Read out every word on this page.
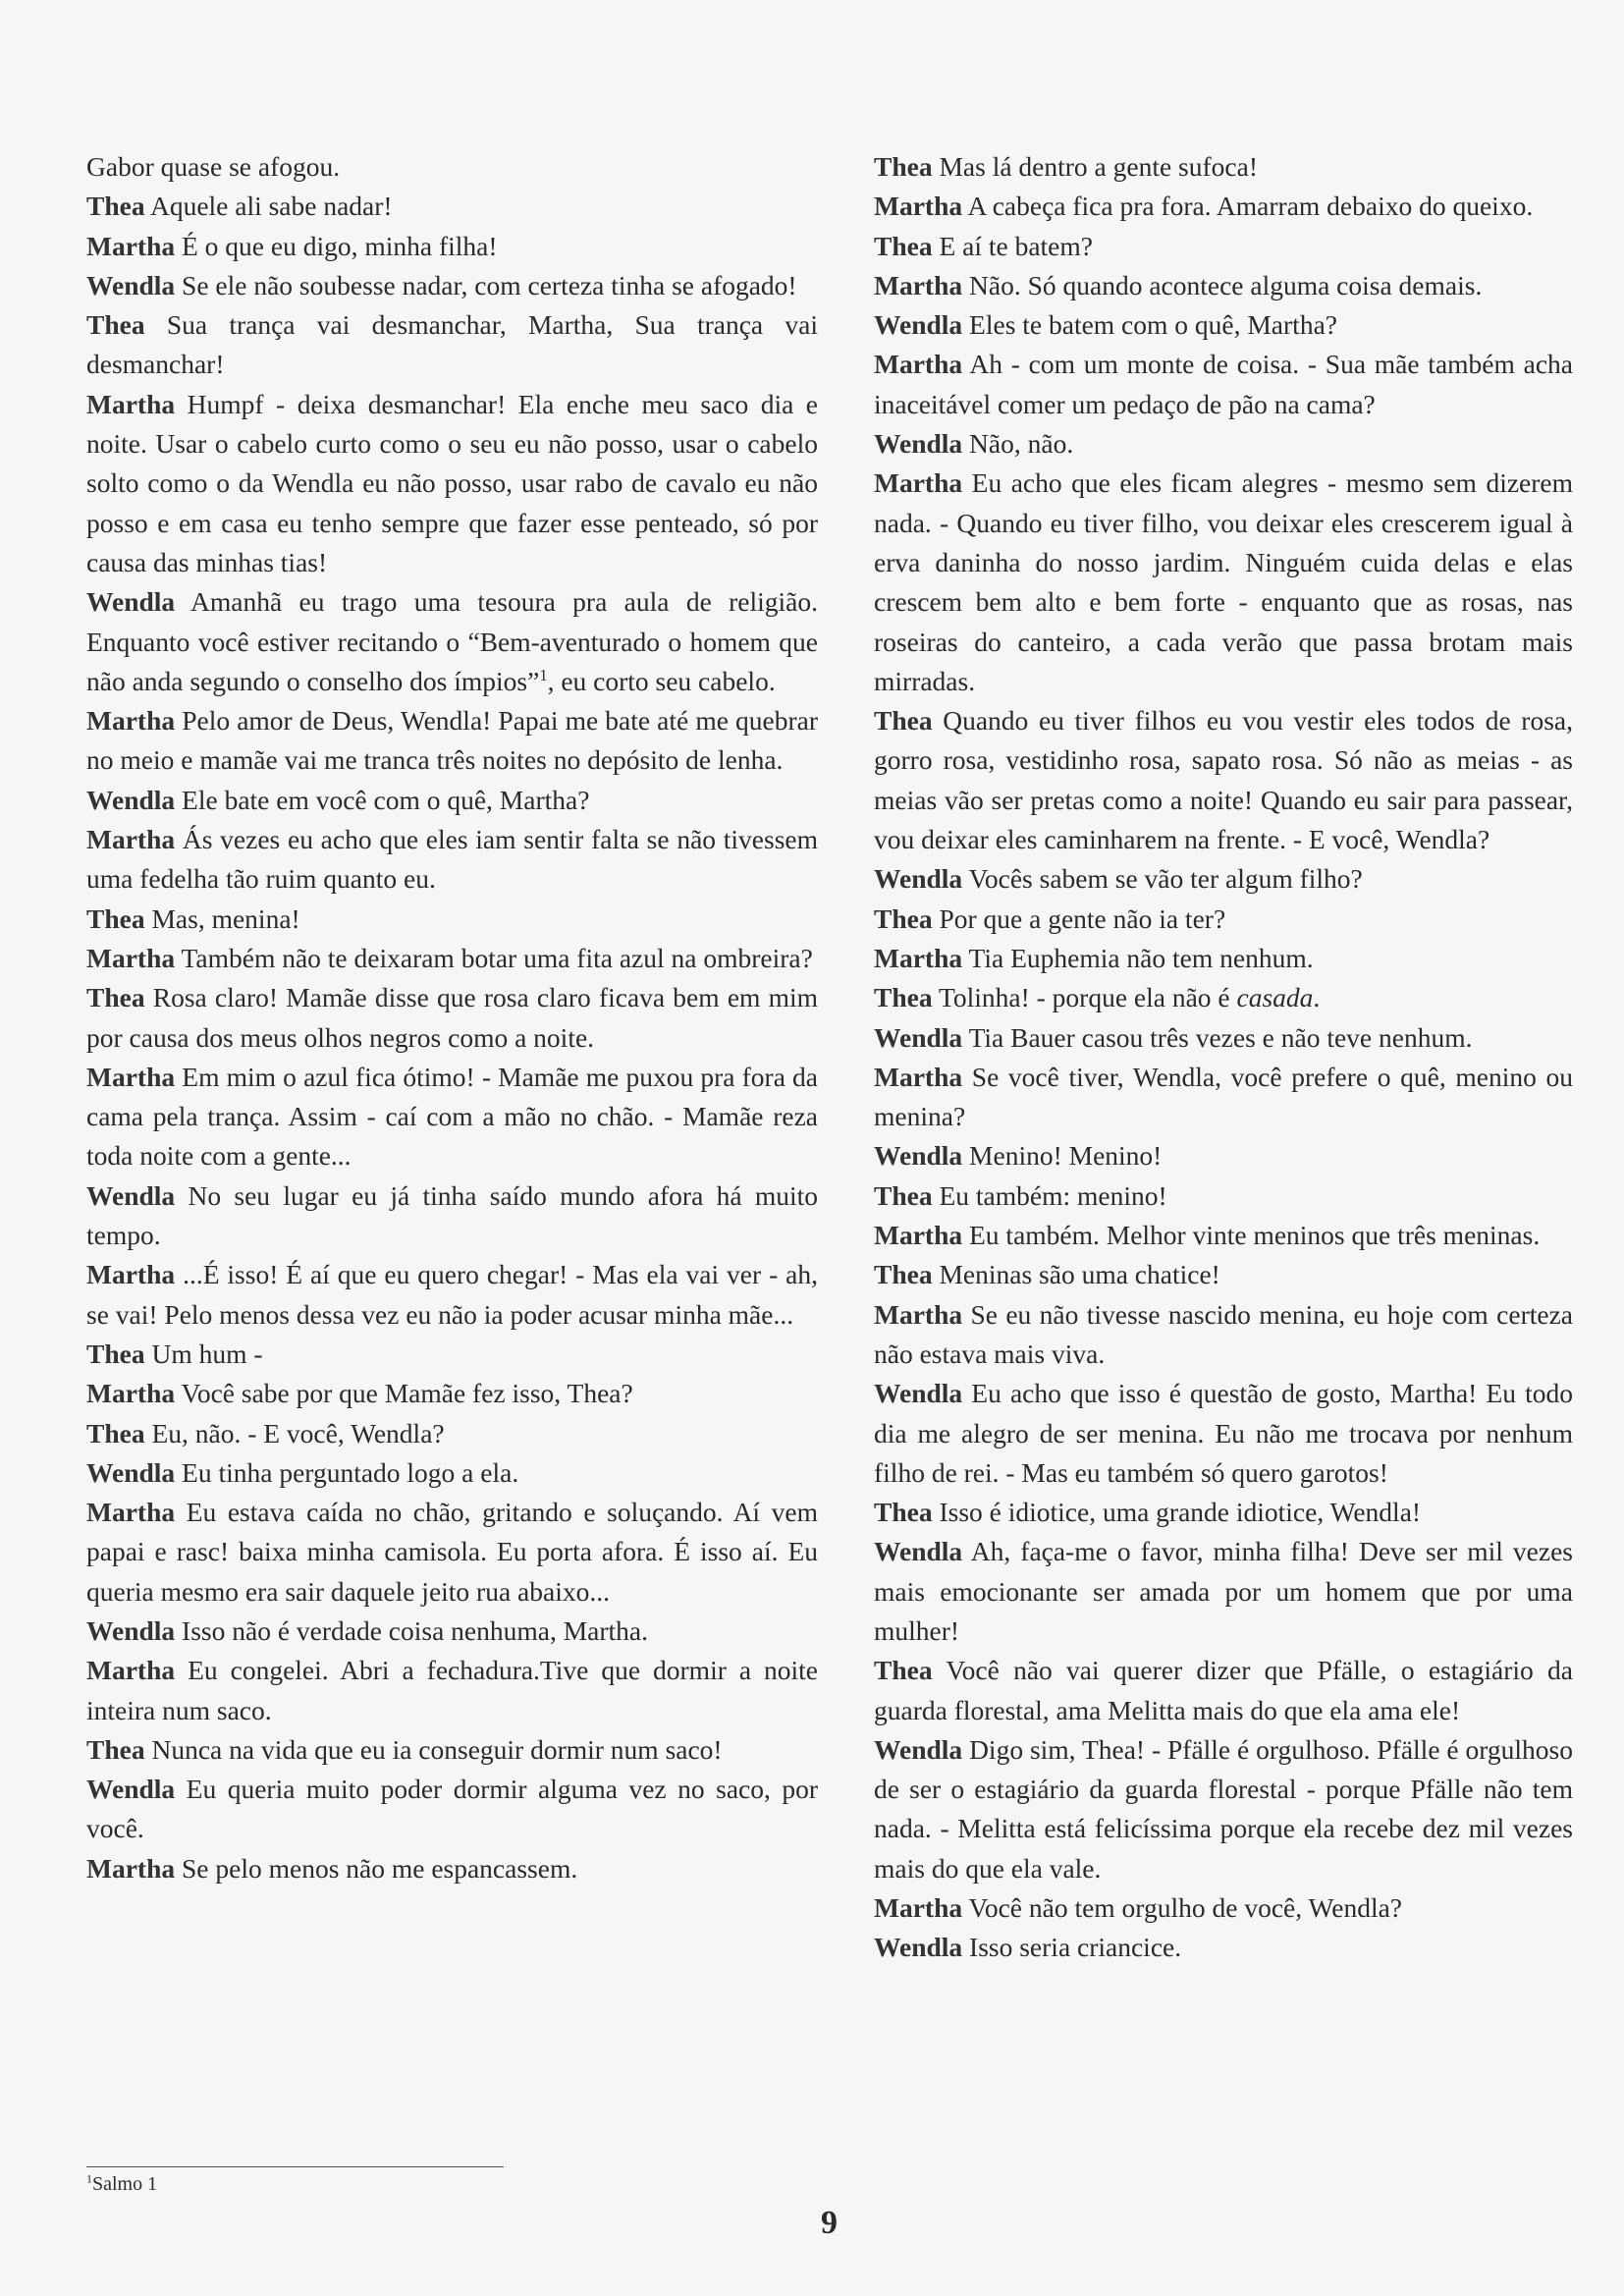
Gabor quase se afogou.

Thea Aquele ali sabe nadar!

Martha É o que eu digo, minha filha!

Wendla Se ele não soubesse nadar, com certeza tinha se afogado!

Thea Sua trança vai desmanchar, Martha, Sua trança vai desmanchar!

Martha Humpf - deixa desmanchar! Ela enche meu saco dia e noite. Usar o cabelo curto como o seu eu não posso, usar o cabelo solto como o da Wendla eu não posso, usar rabo de cavalo eu não posso e em casa eu tenho sempre que fazer esse penteado, só por causa das minhas tias!

Wendla Amanhã eu trago uma tesoura pra aula de religião. Enquanto você estiver recitando o “Bem-aventurado o homem que não anda segundo o conselho dos ímpios”$^1$, eu corto seu cabelo.

Martha Pelo amor de Deus, Wendla! Papai me bate até me quebrar no meio e mamãe vai me tranca três noites no depósito de lenha.

Wendla Ele bate em você com o quê, Martha?

Martha Ás vezes eu acho que eles iam sentir falta se não tivessem uma fedelha tão ruim quanto eu.

Thea Mas, menina!

Martha Também não te deixaram botar uma fita azul na ombreira?

Thea Rosa claro! Mamãe disse que rosa claro ficava bem em mim por causa dos meus olhos negros como a noite.

Martha Em mim o azul fica ótimo! - Mamãe me puxou pra fora da cama pela trança. Assim - caí com a mão no chão. - Mamãe reza toda noite com a gente...

Wendla No seu lugar eu já tinha saído mundo afora há muito tempo.

Martha ...É isso! É aí que eu quero chegar! - Mas ela vai ver - ah, se vai! Pelo menos dessa vez eu não ia poder acusar minha mãe...

Thea Um hum -

Martha Você sabe por que Mamãe fez isso, Thea?

Thea Eu, não. - E você, Wendla?

Wendla Eu tinha perguntado logo a ela.

Martha Eu estava caída no chão, gritando e soluçando. Aí vem papai e rasc! baixa minha camisola. Eu porta afora. É isso aí. Eu queria mesmo era sair daquele jeito rua abaixo...

Wendla Isso não é verdade coisa nenhuma, Martha.

Martha Eu congelei. Abri a fechadura.Tive que dormir a noite inteira num saco.

Thea Nunca na vida que eu ia conseguir dormir num saco!

Wendla Eu queria muito poder dormir alguma vez no saco, por você.

Martha Se pelo menos não me espancassem.

Thea Mas lá dentro a gente sufoca!

Martha A cabeça fica pra fora. Amarram debaixo do queixo.

Thea E aí te batem?

Martha Não. Só quando acontece alguma coisa demais.

Wendla Eles te batem com o quê, Martha?

Martha Ah - com um monte de coisa. - Sua mãe também acha inaceitável comer um pedaço de pão na cama?

Wendla Não, não.

Martha Eu acho que eles ficam alegres - mesmo sem dizerem nada. - Quando eu tiver filho, vou deixar eles crescerem igual à erva daninha do nosso jardim. Ninguém cuida delas e elas crescem bem alto e bem forte - enquanto que as rosas, nas roseiras do canteiro, a cada verão que passa brotam mais mirradas.

Thea Quando eu tiver filhos eu vou vestir eles todos de rosa, gorro rosa, vestidinho rosa, sapato rosa. Só não as meias - as meias vão ser pretas como a noite! Quando eu sair para passear, vou deixar eles caminharem na frente. - E você, Wendla?

Wendla Vocês sabem se vão ter algum filho?

Thea Por que a gente não ia ter?

Martha Tia Euphemia não tem nenhum.

Thea Tolinha! - porque ela não é casada.

Wendla Tia Bauer casou três vezes e não teve nenhum.

Martha Se você tiver, Wendla, você prefere o quê, menino ou menina?

Wendla Menino! Menino!

Thea Eu também: menino!

Martha Eu também. Melhor vinte meninos que três meninas.

Thea Meninas são uma chatice!

Martha Se eu não tivesse nascido menina, eu hoje com certeza não estava mais viva.

Wendla Eu acho que isso é questão de gosto, Martha! Eu todo dia me alegro de ser menina. Eu não me trocava por nenhum filho de rei. - Mas eu também só quero garotos!

Thea Isso é idiotice, uma grande idiotice, Wendla!

Wendla Ah, faça-me o favor, minha filha! Deve ser mil vezes mais emocionante ser amada por um homem que por uma mulher!

Thea Você não vai querer dizer que Pfälle, o estagiário da guarda florestal, ama Melitta mais do que ela ama ele!

Wendla Digo sim, Thea! - Pfälle é orgulhoso. Pfälle é orgulhoso de ser o estagiário da guarda florestal - porque Pfälle não tem nada. - Melitta está felicíssima porque ela recebe dez mil vezes mais do que ela vale.

Martha Você não tem orgulho de você, Wendla?

Wendla Isso seria criancice.

$^1$Salmo 1
9
